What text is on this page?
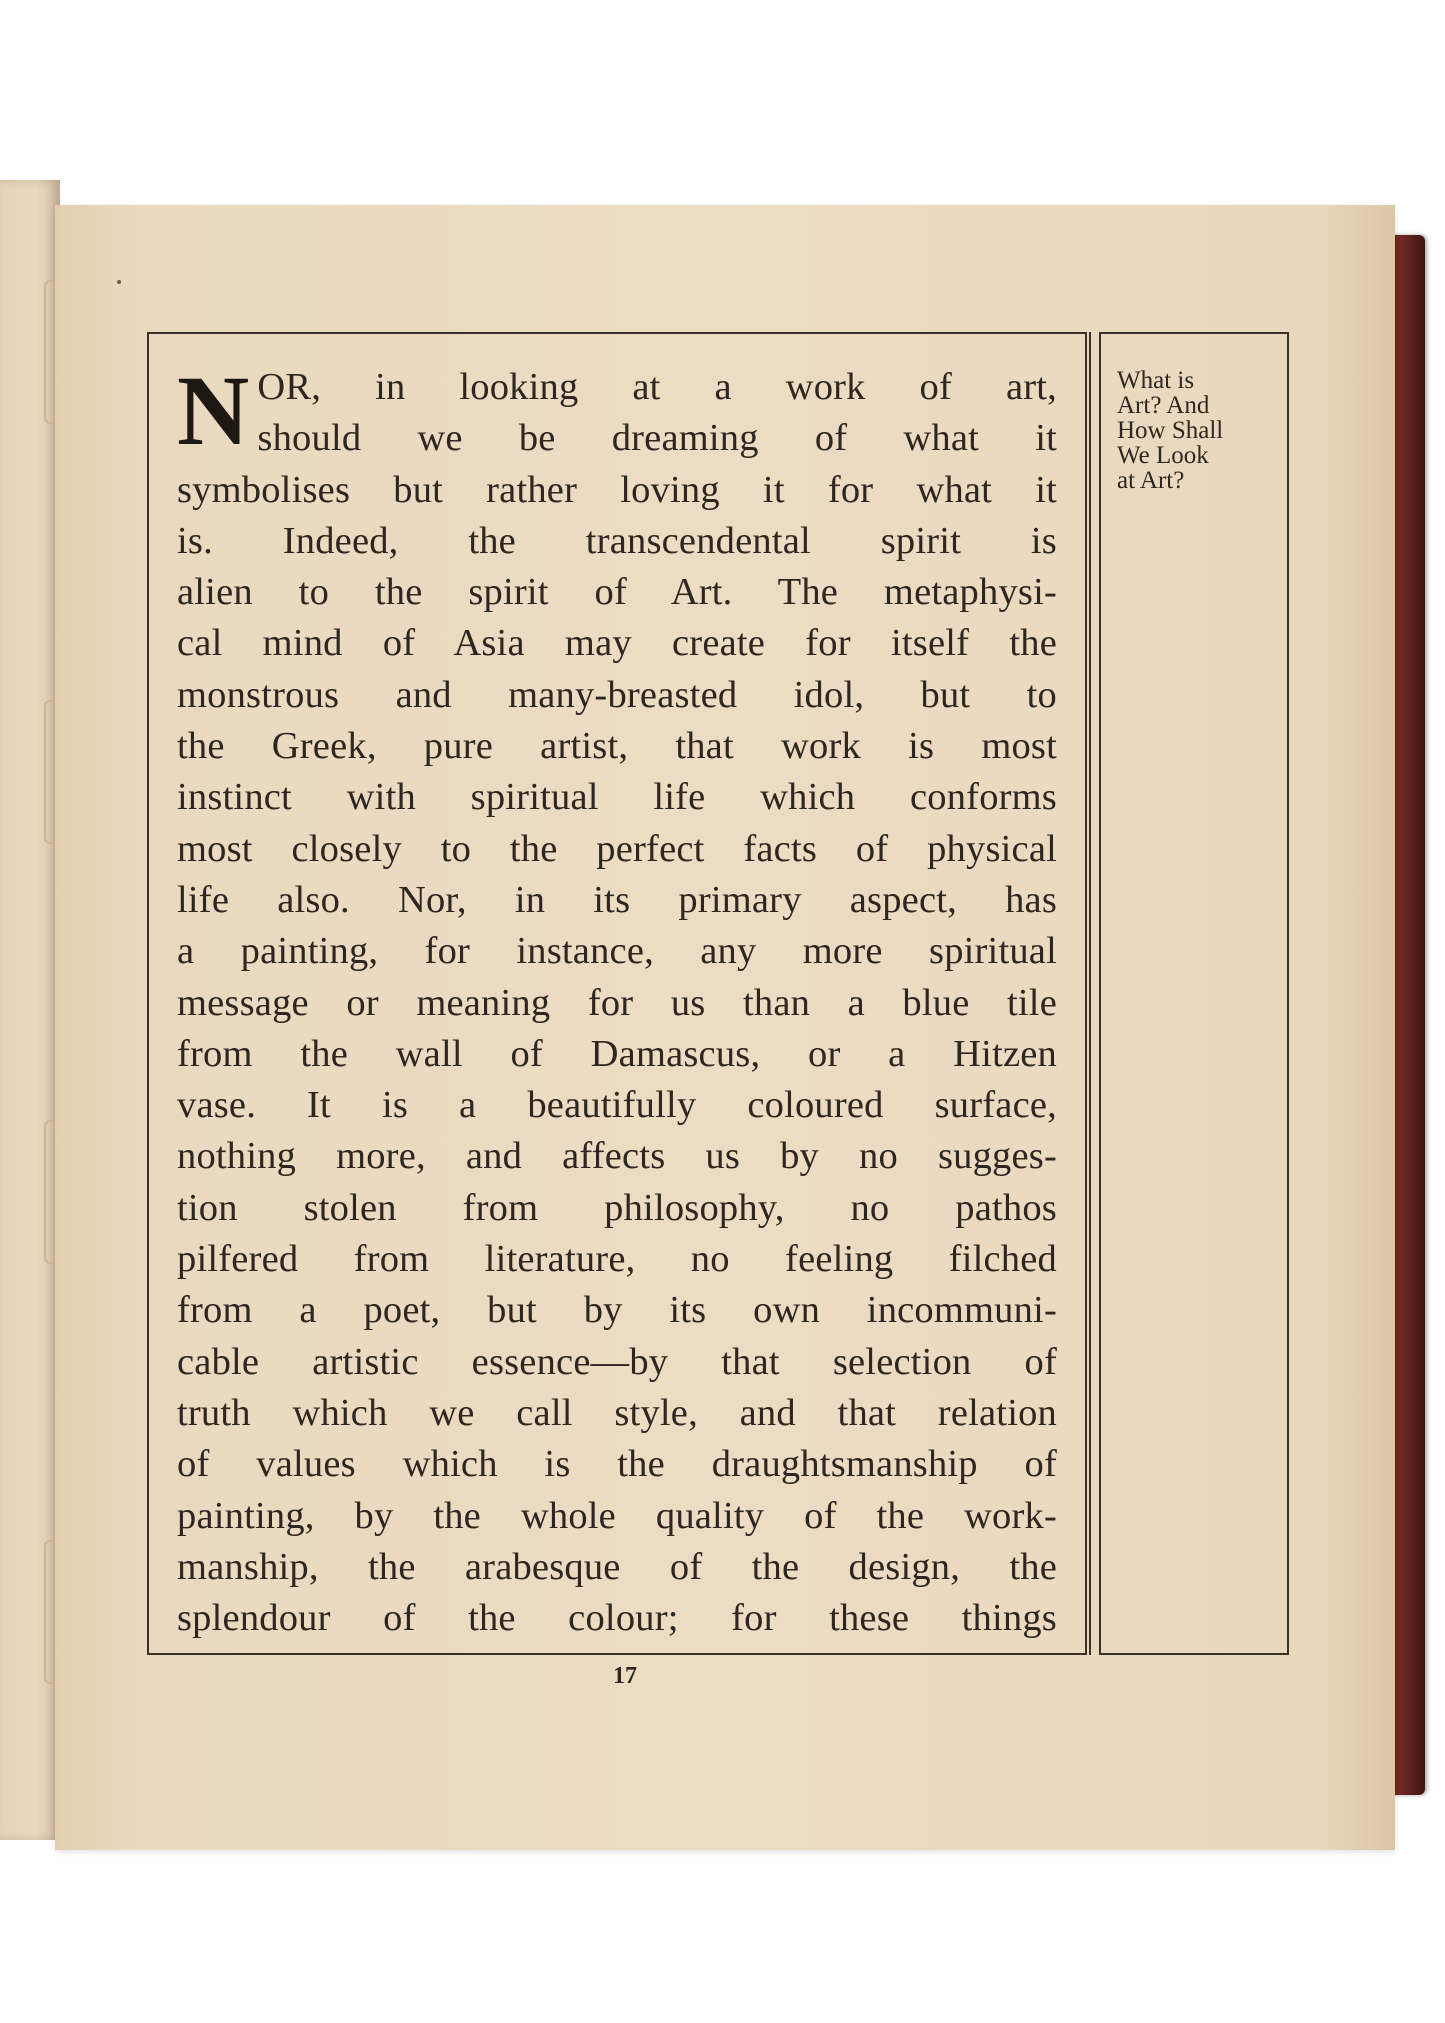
N OR, in looking at a work of art,
should we be dreaming of what it
symbolises but rather loving it for what it
is. Indeed, the transcendental spirit is
alien to the spirit of Art. The metaphysi-
cal mind of Asia may create for itself the
monstrous and many-breasted idol, but to
the Greek, pure artist, that work is most
instinct with spiritual life which conforms
most closely to the perfect facts of physical
life also. Nor, in its primary aspect, has
a painting, for instance, any more spiritual
message or meaning for us than a blue tile
from the wall of Damascus, or a Hitzen
vase. It is a beautifully coloured surface,
nothing more, and affects us by no sugges-
tion stolen from philosophy, no pathos
pilfered from literature, no feeling filched
from a poet, but by its own incommuni-
cable artistic essence—by that selection of
truth which we call style, and that relation
of values which is the draughtsmanship of
painting, by the whole quality of the work-
manship, the arabesque of the design, the
splendour of the colour; for these things
What is
Art? And
How Shall
We Look
at Art?
17
